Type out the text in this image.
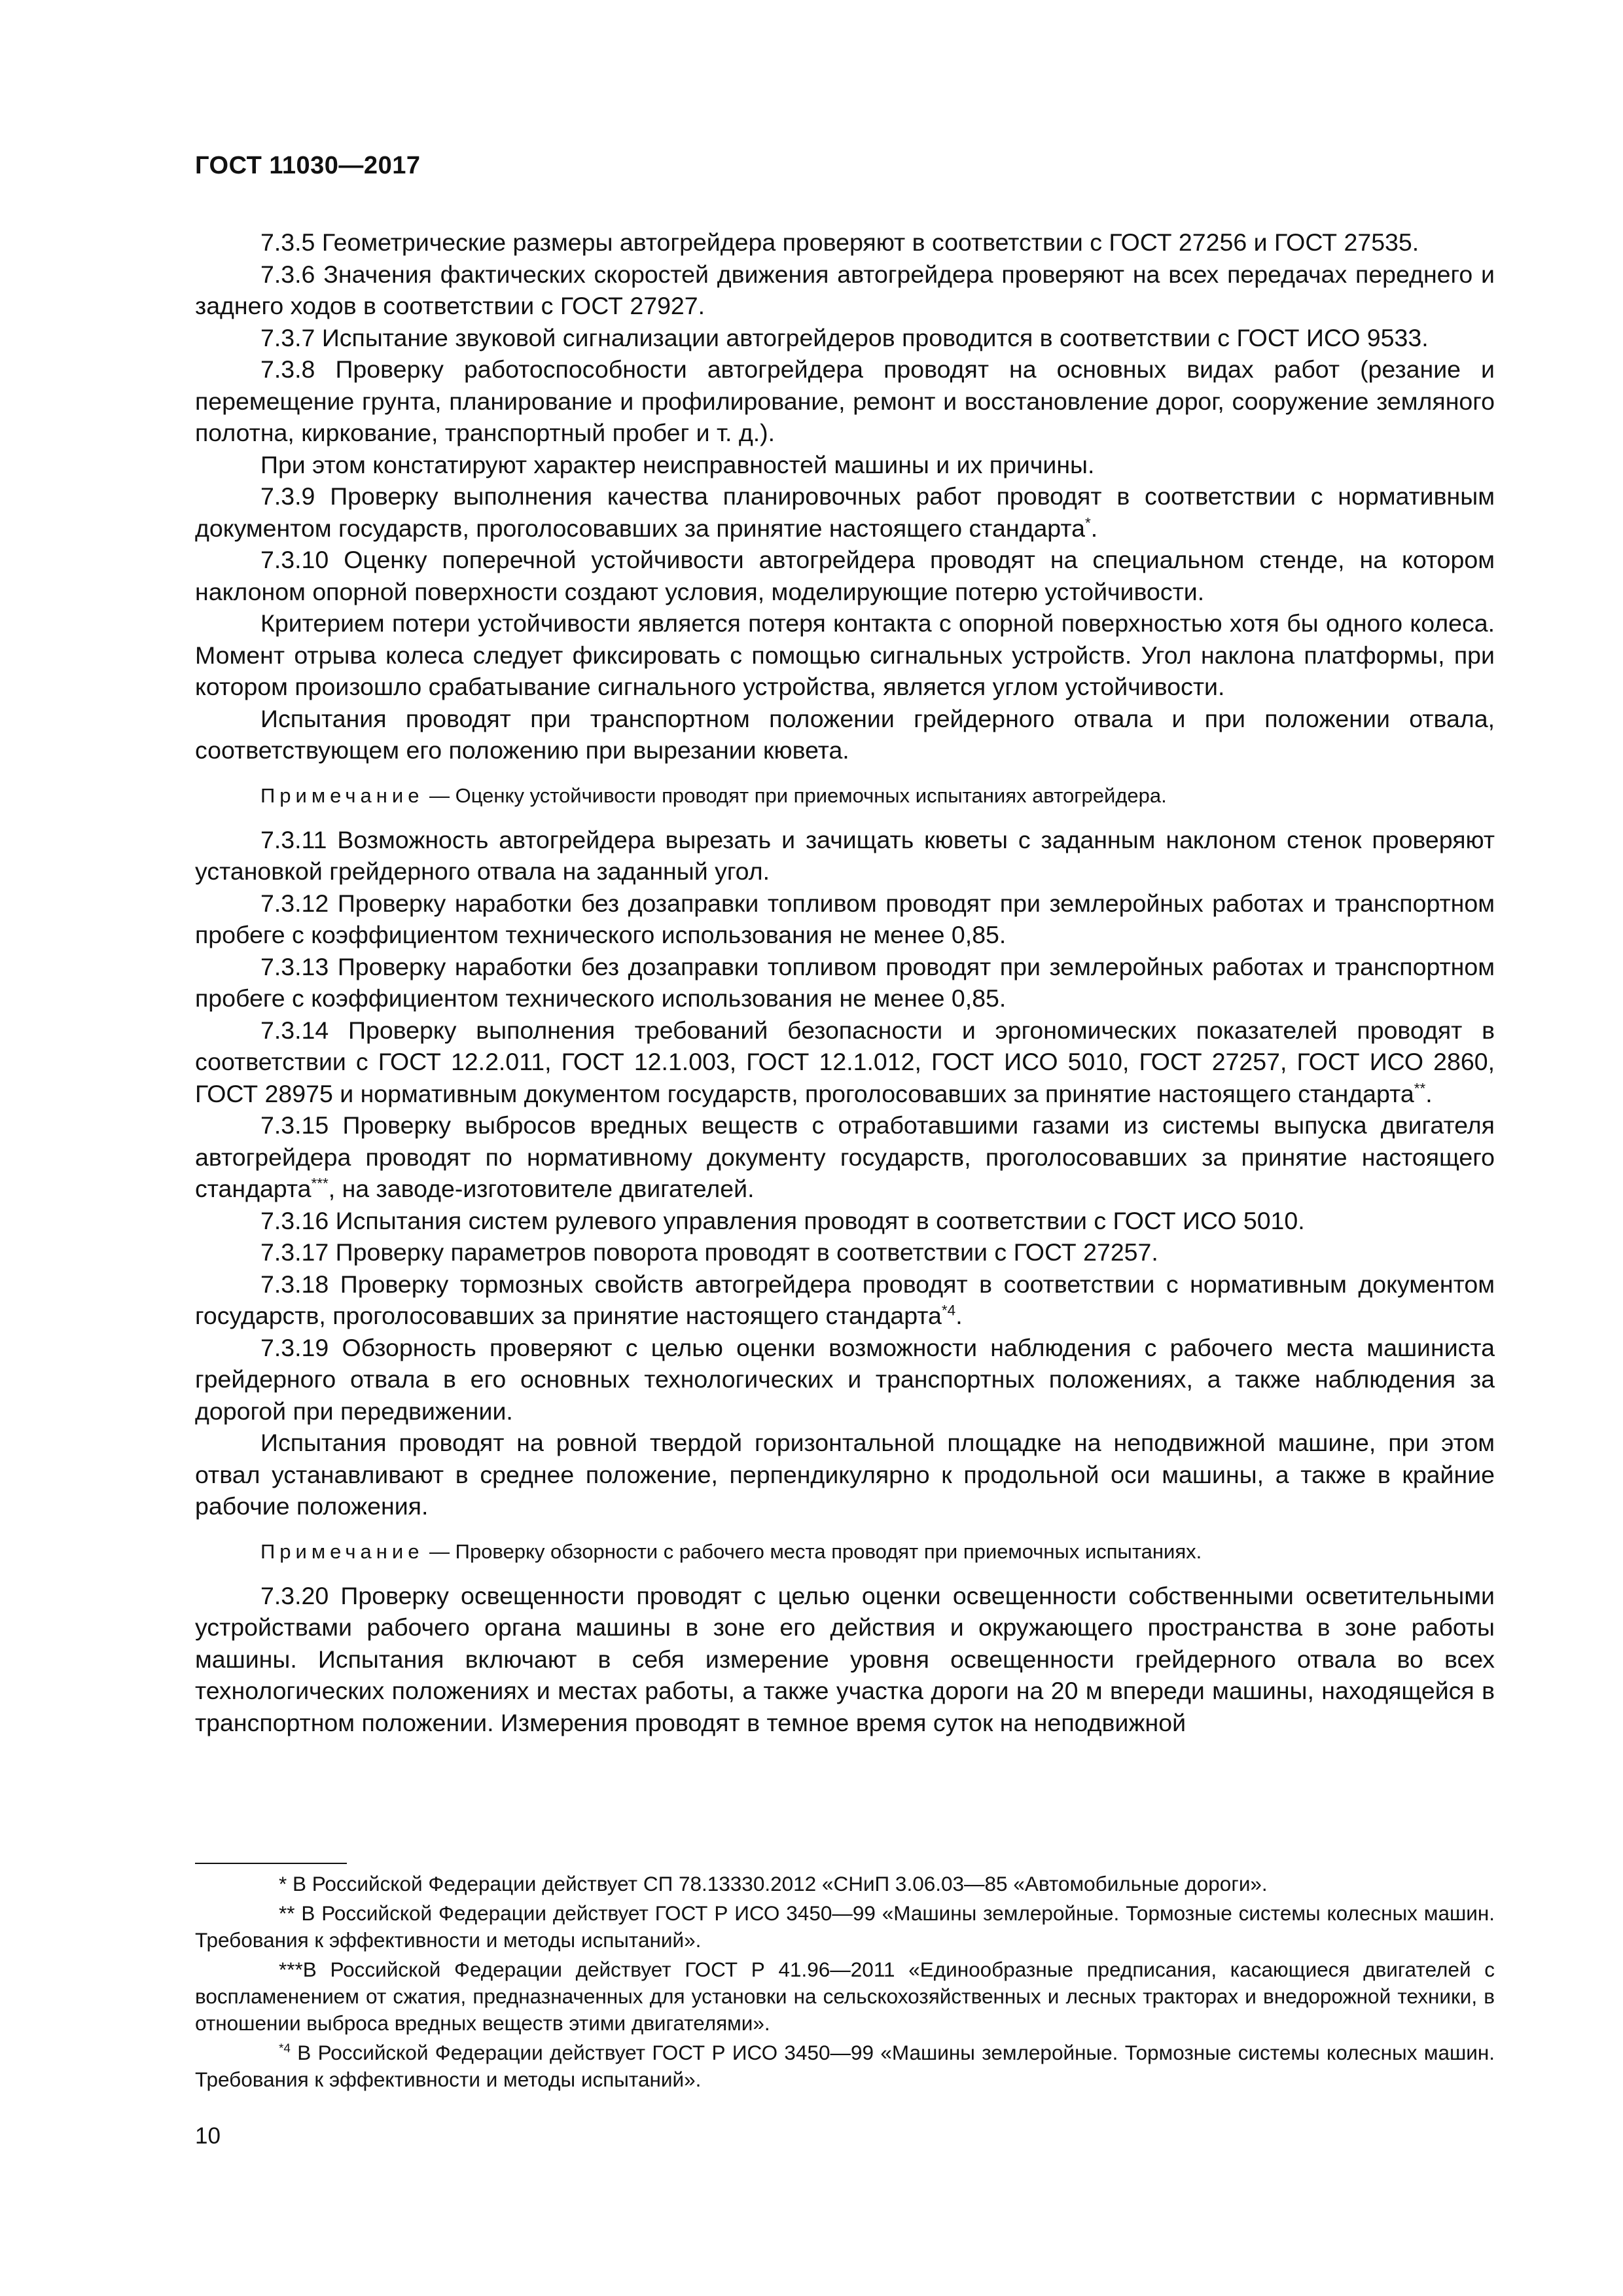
ГОСТ 11030—2017

7.3.5 Геометрические размеры автогрейдера проверяют в соответствии с ГОСТ 27256 и ГОСТ 27535.

7.3.6 Значения фактических скоростей движения автогрейдера проверяют на всех передачах переднего и заднего ходов в соответствии с ГОСТ 27927.

7.3.7 Испытание звуковой сигнализации автогрейдеров проводится в соответствии с ГОСТ ИСО 9533.

7.3.8 Проверку работоспособности автогрейдера проводят на основных видах работ (резание и перемещение грунта, планирование и профилирование, ремонт и восстановление дорог, сооружение земляного полотна, киркование, транспортный пробег и т. д.).

При этом констатируют характер неисправностей машины и их причины.

7.3.9 Проверку выполнения качества планировочных работ проводят в соответствии с нормативным документом государств, проголосовавших за принятие настоящего стандарта*.

7.3.10 Оценку поперечной устойчивости автогрейдера проводят на специальном стенде, на котором наклоном опорной поверхности создают условия, моделирующие потерю устойчивости.

Критерием потери устойчивости является потеря контакта с опорной поверхностью хотя бы одного колеса. Момент отрыва колеса следует фиксировать с помощью сигнальных устройств. Угол наклона платформы, при котором произошло срабатывание сигнального устройства, является углом устойчивости.

Испытания проводят при транспортном положении грейдерного отвала и при положении отвала, соответствующем его положению при вырезании кювета.

Примечание — Оценку устойчивости проводят при приемочных испытаниях автогрейдера.

7.3.11 Возможность автогрейдера вырезать и зачищать кюветы с заданным наклоном стенок проверяют установкой грейдерного отвала на заданный угол.

7.3.12 Проверку наработки без дозаправки топливом проводят при землеройных работах и транспортном пробеге с коэффициентом технического использования не менее 0,85.

7.3.13 Проверку наработки без дозаправки топливом проводят при землеройных работах и транспортном пробеге с коэффициентом технического использования не менее 0,85.

7.3.14 Проверку выполнения требований безопасности и эргономических показателей проводят в соответствии с ГОСТ 12.2.011, ГОСТ 12.1.003, ГОСТ 12.1.012, ГОСТ ИСО 5010, ГОСТ 27257, ГОСТ ИСО 2860, ГОСТ 28975 и нормативным документом государств, проголосовавших за принятие настоящего стандарта**.

7.3.15 Проверку выбросов вредных веществ с отработавшими газами из системы выпуска двигателя автогрейдера проводят по нормативному документу государств, проголосовавших за принятие настоящего стандарта***, на заводе-изготовителе двигателей.

7.3.16 Испытания систем рулевого управления проводят в соответствии с ГОСТ ИСО 5010.

7.3.17 Проверку параметров поворота проводят в соответствии с ГОСТ 27257.

7.3.18 Проверку тормозных свойств автогрейдера проводят в соответствии с нормативным документом государств, проголосовавших за принятие настоящего стандарта$^{*4}$.

7.3.19 Обзорность проверяют с целью оценки возможности наблюдения с рабочего места машиниста грейдерного отвала в его основных технологических и транспортных положениях, а также наблюдения за дорогой при передвижении.

Испытания проводят на ровной твердой горизонтальной площадке на неподвижной машине, при этом отвал устанавливают в среднее положение, перпендикулярно к продольной оси машины, а также в крайние рабочие положения.

Примечание — Проверку обзорности с рабочего места проводят при приемочных испытаниях.

7.3.20 Проверку освещенности проводят с целью оценки освещенности собственными осветительными устройствами рабочего органа машины в зоне его действия и окружающего пространства в зоне работы машины. Испытания включают в себя измерение уровня освещенности грейдерного отвала во всех технологических положениях и местах работы, а также участка дороги на 20 м впереди машины, находящейся в транспортном положении. Измерения проводят в темное время суток на неподвижной

* В Российской Федерации действует СП 78.13330.2012 «СНиП 3.06.03—85 «Автомобильные дороги».

** В Российской Федерации действует ГОСТ Р ИСО 3450—99 «Машины землеройные. Тормозные системы колесных машин. Требования к эффективности и методы испытаний».

***В Российской Федерации действует ГОСТ Р 41.96—2011 «Единообразные предписания, касающиеся двигателей с воспламенением от сжатия, предназначенных для установки на сельскохозяйственных и лесных тракторах и внедорожной техники, в отношении выброса вредных веществ этими двигателями».

$^{*4}$ В Российской Федерации действует ГОСТ Р ИСО 3450—99 «Машины землеройные. Тормозные системы колесных машин. Требования к эффективности и методы испытаний».

10
